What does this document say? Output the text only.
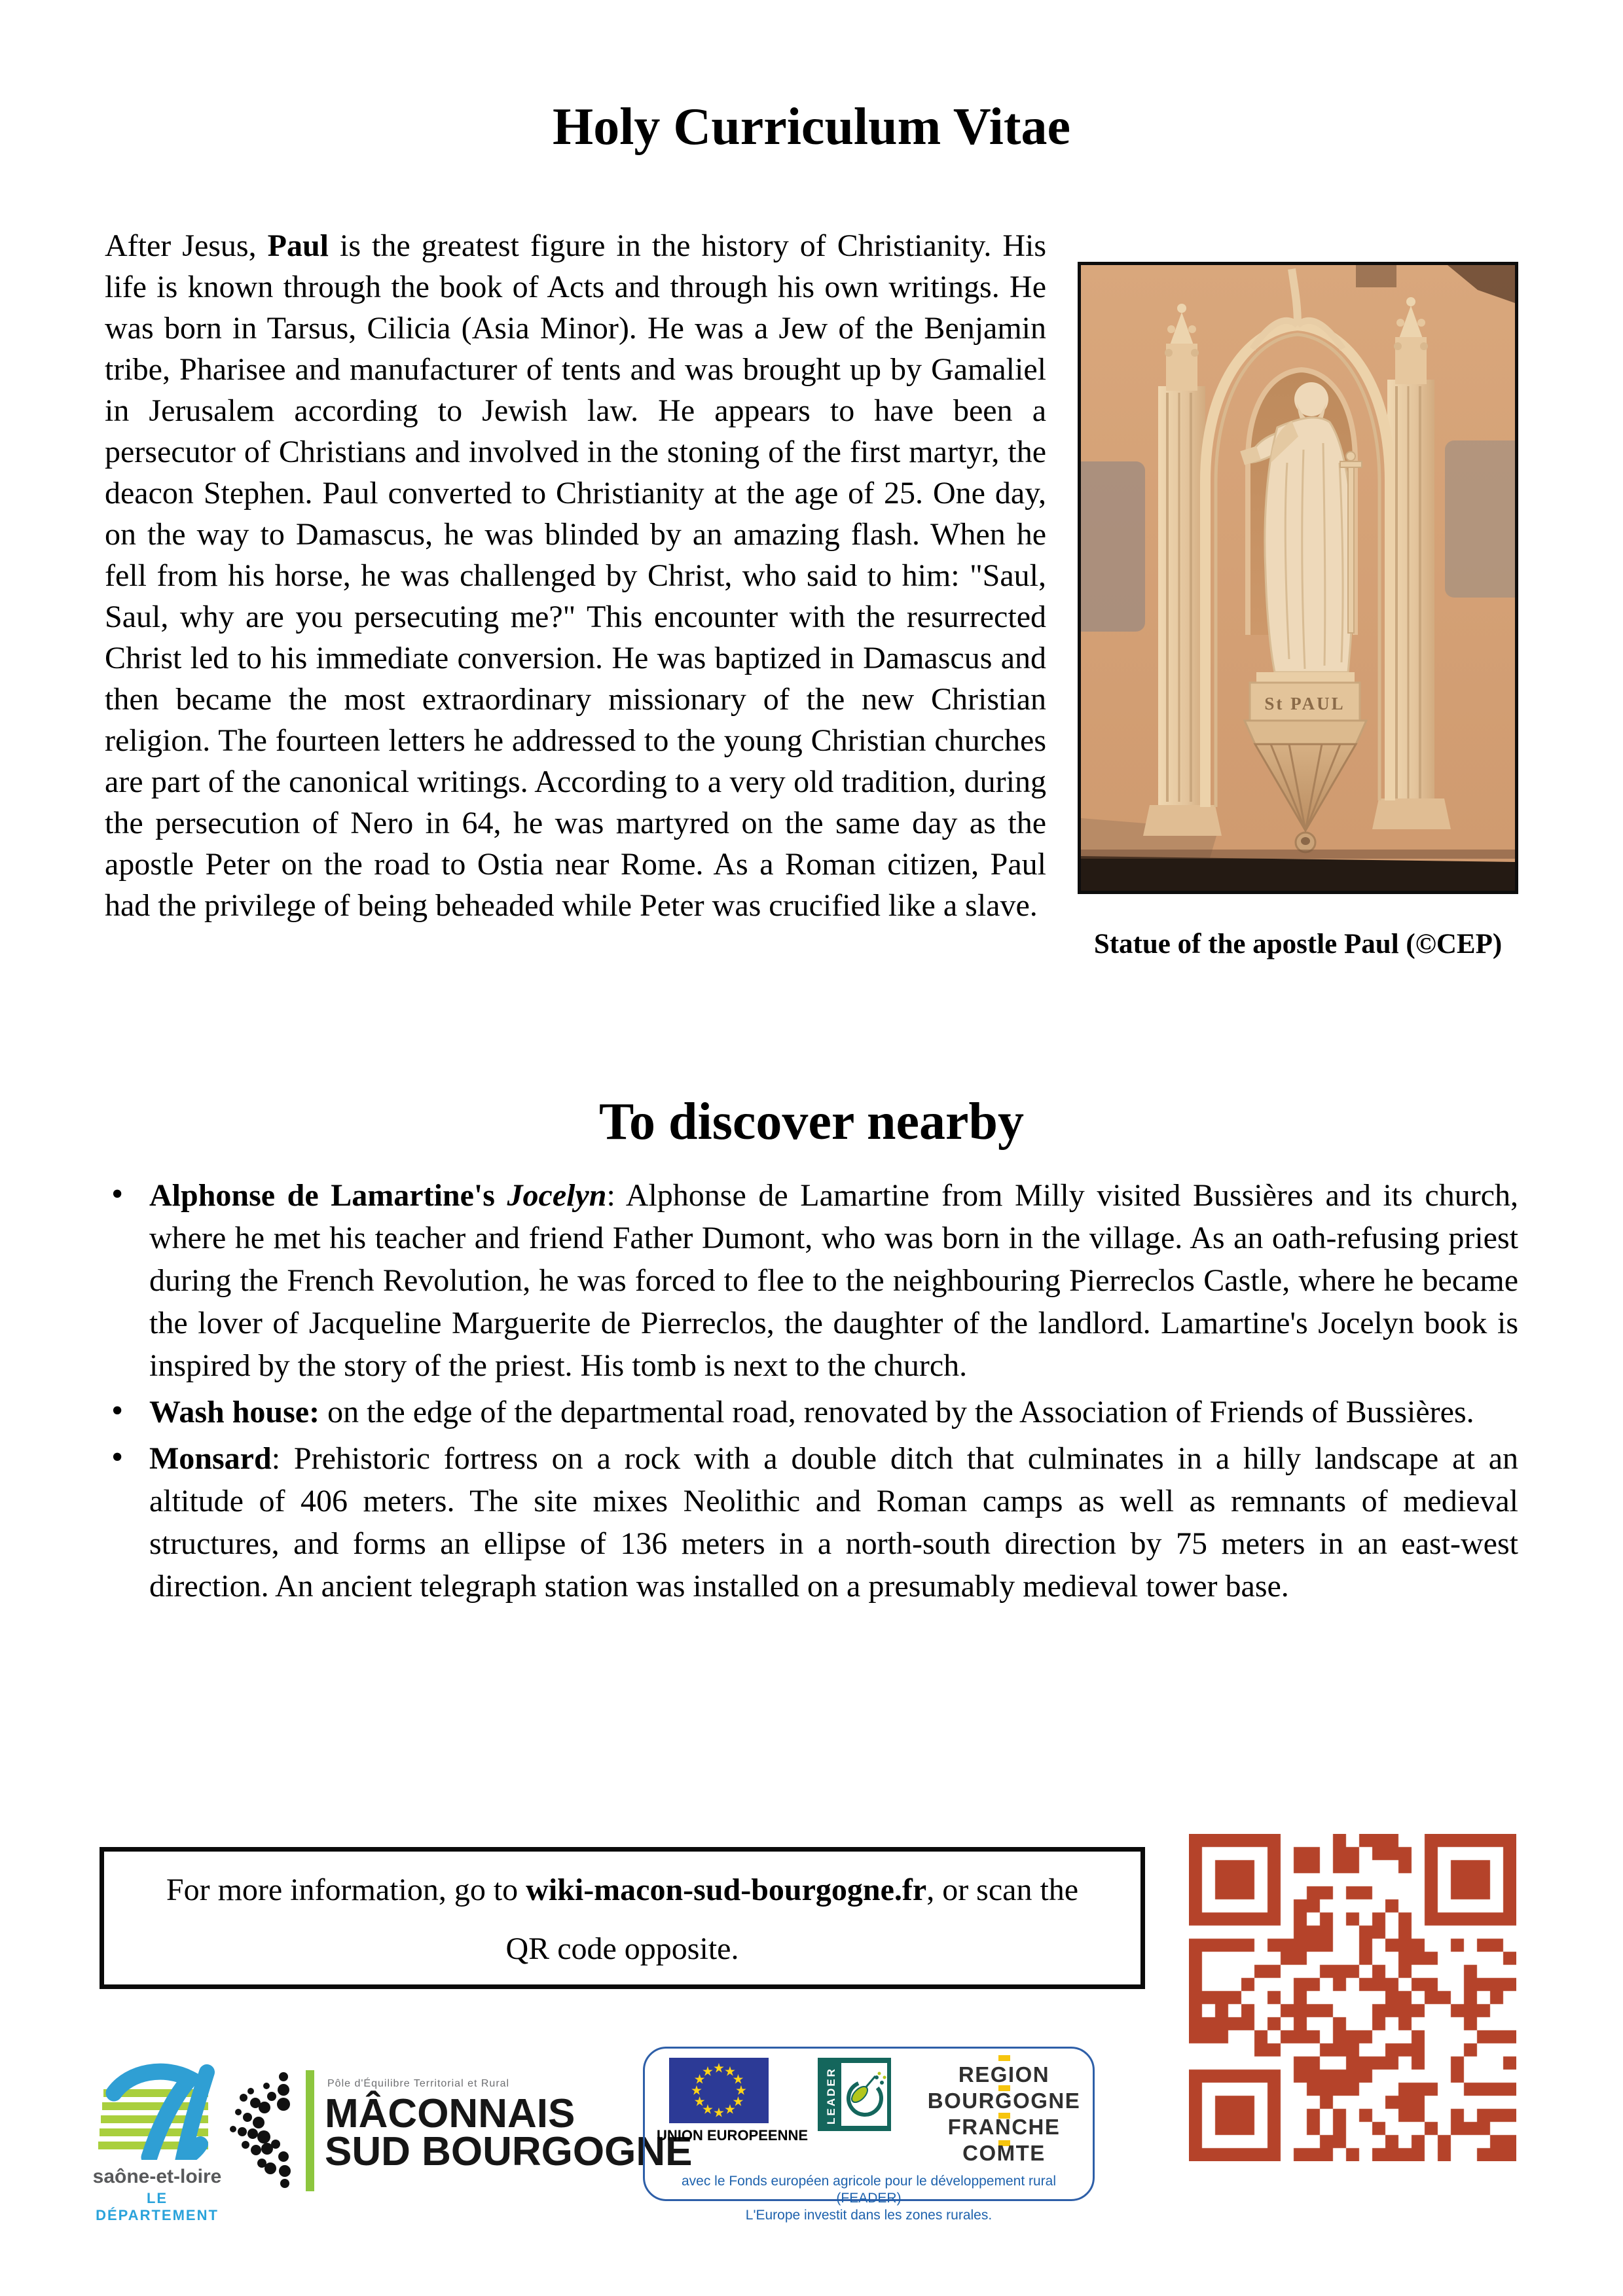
Holy Curriculum Vitae
St PAUL
Statue of the apostle Paul (©CEP)

After Jesus, Paul is the greatest figure in the history of Christianity. His life is known through the book of Acts and through his own writings. He was born in Tarsus, Cilicia (Asia Minor). He was a Jew of the Benjamin tribe, Pharisee and manufacturer of tents and was brought up by Gamaliel in Jerusalem according to Jewish law. He appears to have been a persecutor of Christians and involved in the stoning of the first martyr, the deacon Stephen. Paul converted to Christianity at the age of 25. One day, on the way to Damascus, he was blinded by an amazing flash. When he fell from his horse, he was challenged by Christ, who said to him: "Saul, Saul, why are you persecuting me?" This encounter with the resurrected Christ led to his immediate conversion. He was baptized in Damascus and then became the most extraordinary missionary of the new Christian religion. The fourteen letters he addressed to the young Christian churches are part of the canonical writings. According to a very old tradition, during the persecution of Nero in 64, he was martyred on the same day as the apostle Peter on the road to Ostia near Rome. As a Roman citizen, Paul had the privilege of being beheaded while Peter was crucified like a slave.

To discover nearby
• Alphonse de Lamartine's Jocelyn: Alphonse de Lamartine from Milly visited Bussières and its church, where he met his teacher and friend Father Dumont, who was born in the village. As an oath-refusing priest during the French Revolution, he was forced to flee to the neighbouring Pierreclos Castle, where he became the lover of Jacqueline Marguerite de Pierreclos, the daughter of the landlord. Lamartine's Jocelyn book is inspired by the story of the priest. His tomb is next to the church.
• Wash house: on the edge of the departmental road, renovated by the Association of Friends of Bussières.
• Monsard: Prehistoric fortress on a rock with a double ditch that culminates in a hilly landscape at an altitude of 406 meters. The site mixes Neolithic and Roman camps as well as remnants of medieval structures, and forms an ellipse of 136 meters in a north-south direction by 75 meters in an east-west direction. An ancient telegraph station was installed on a presumably medieval tower base.
For more information, go to wiki-macon-sud-bourgogne.fr, or scan the QR code opposite.
saône-et-loire
LE DÉPARTEMENT
Pôle d'Équilibre Territorial et Rural
MÂCONNAIS
SUD BOURGOGNE
★ ★
★
★
★
★
★
★
★
★
★
★
UNION EUROPEENNE
LEADER	REGION
BOURGOGNE
FRANCHE
COMTE
avec le Fonds européen agricole pour le développement rural (FEADER)
L'Europe investit dans les zones rurales.
